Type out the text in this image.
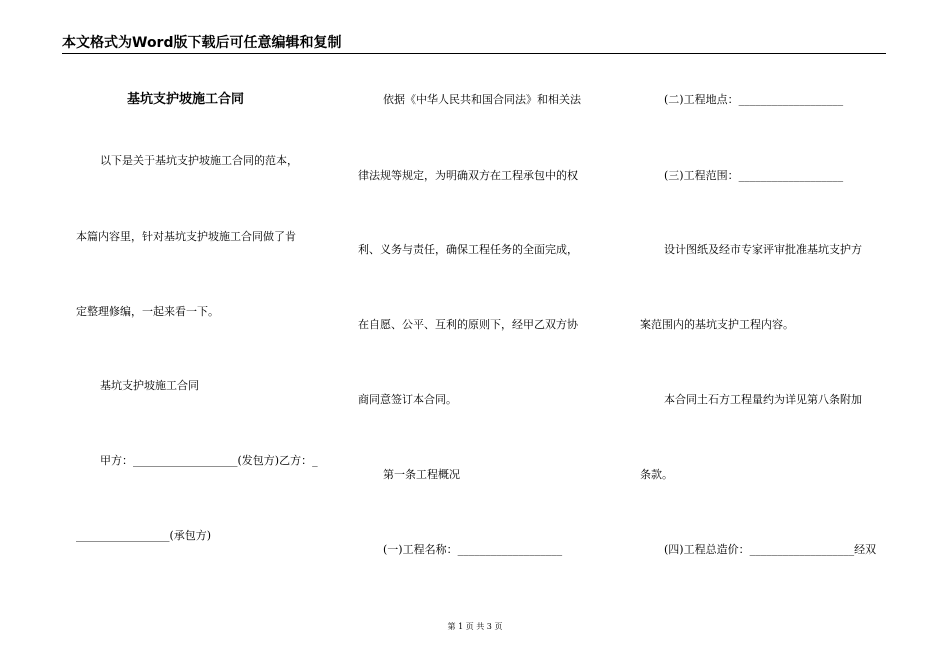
本文格式为Word版下载后可任意编辑和复制
基坑支护坡施工合同
以下是关于基坑支护坡施工合同的范本，
本篇内容里，针对基坑支护坡施工合同做了肯
定整理修编，一起来看一下。
基坑支护坡施工合同
甲方：___________________(发包方)乙方：_
_________________(承包方)
依据《中华人民共和国合同法》和相关法
律法规等规定，为明确双方在工程承包中的权
利、义务与责任，确保工程任务的全面完成，
在自愿、公平、互利的原则下，经甲乙双方协
商同意签订本合同。
第一条工程概况
(一)工程名称：___________________
(二)工程地点：___________________
(三)工程范围：___________________
设计图纸及经市专家评审批准基坑支护方
案范围内的基坑支护工程内容。
本合同土石方工程量约为详见第八条附加
条款。
(四)工程总造价：___________________经双
第 1 页 共 3 页
